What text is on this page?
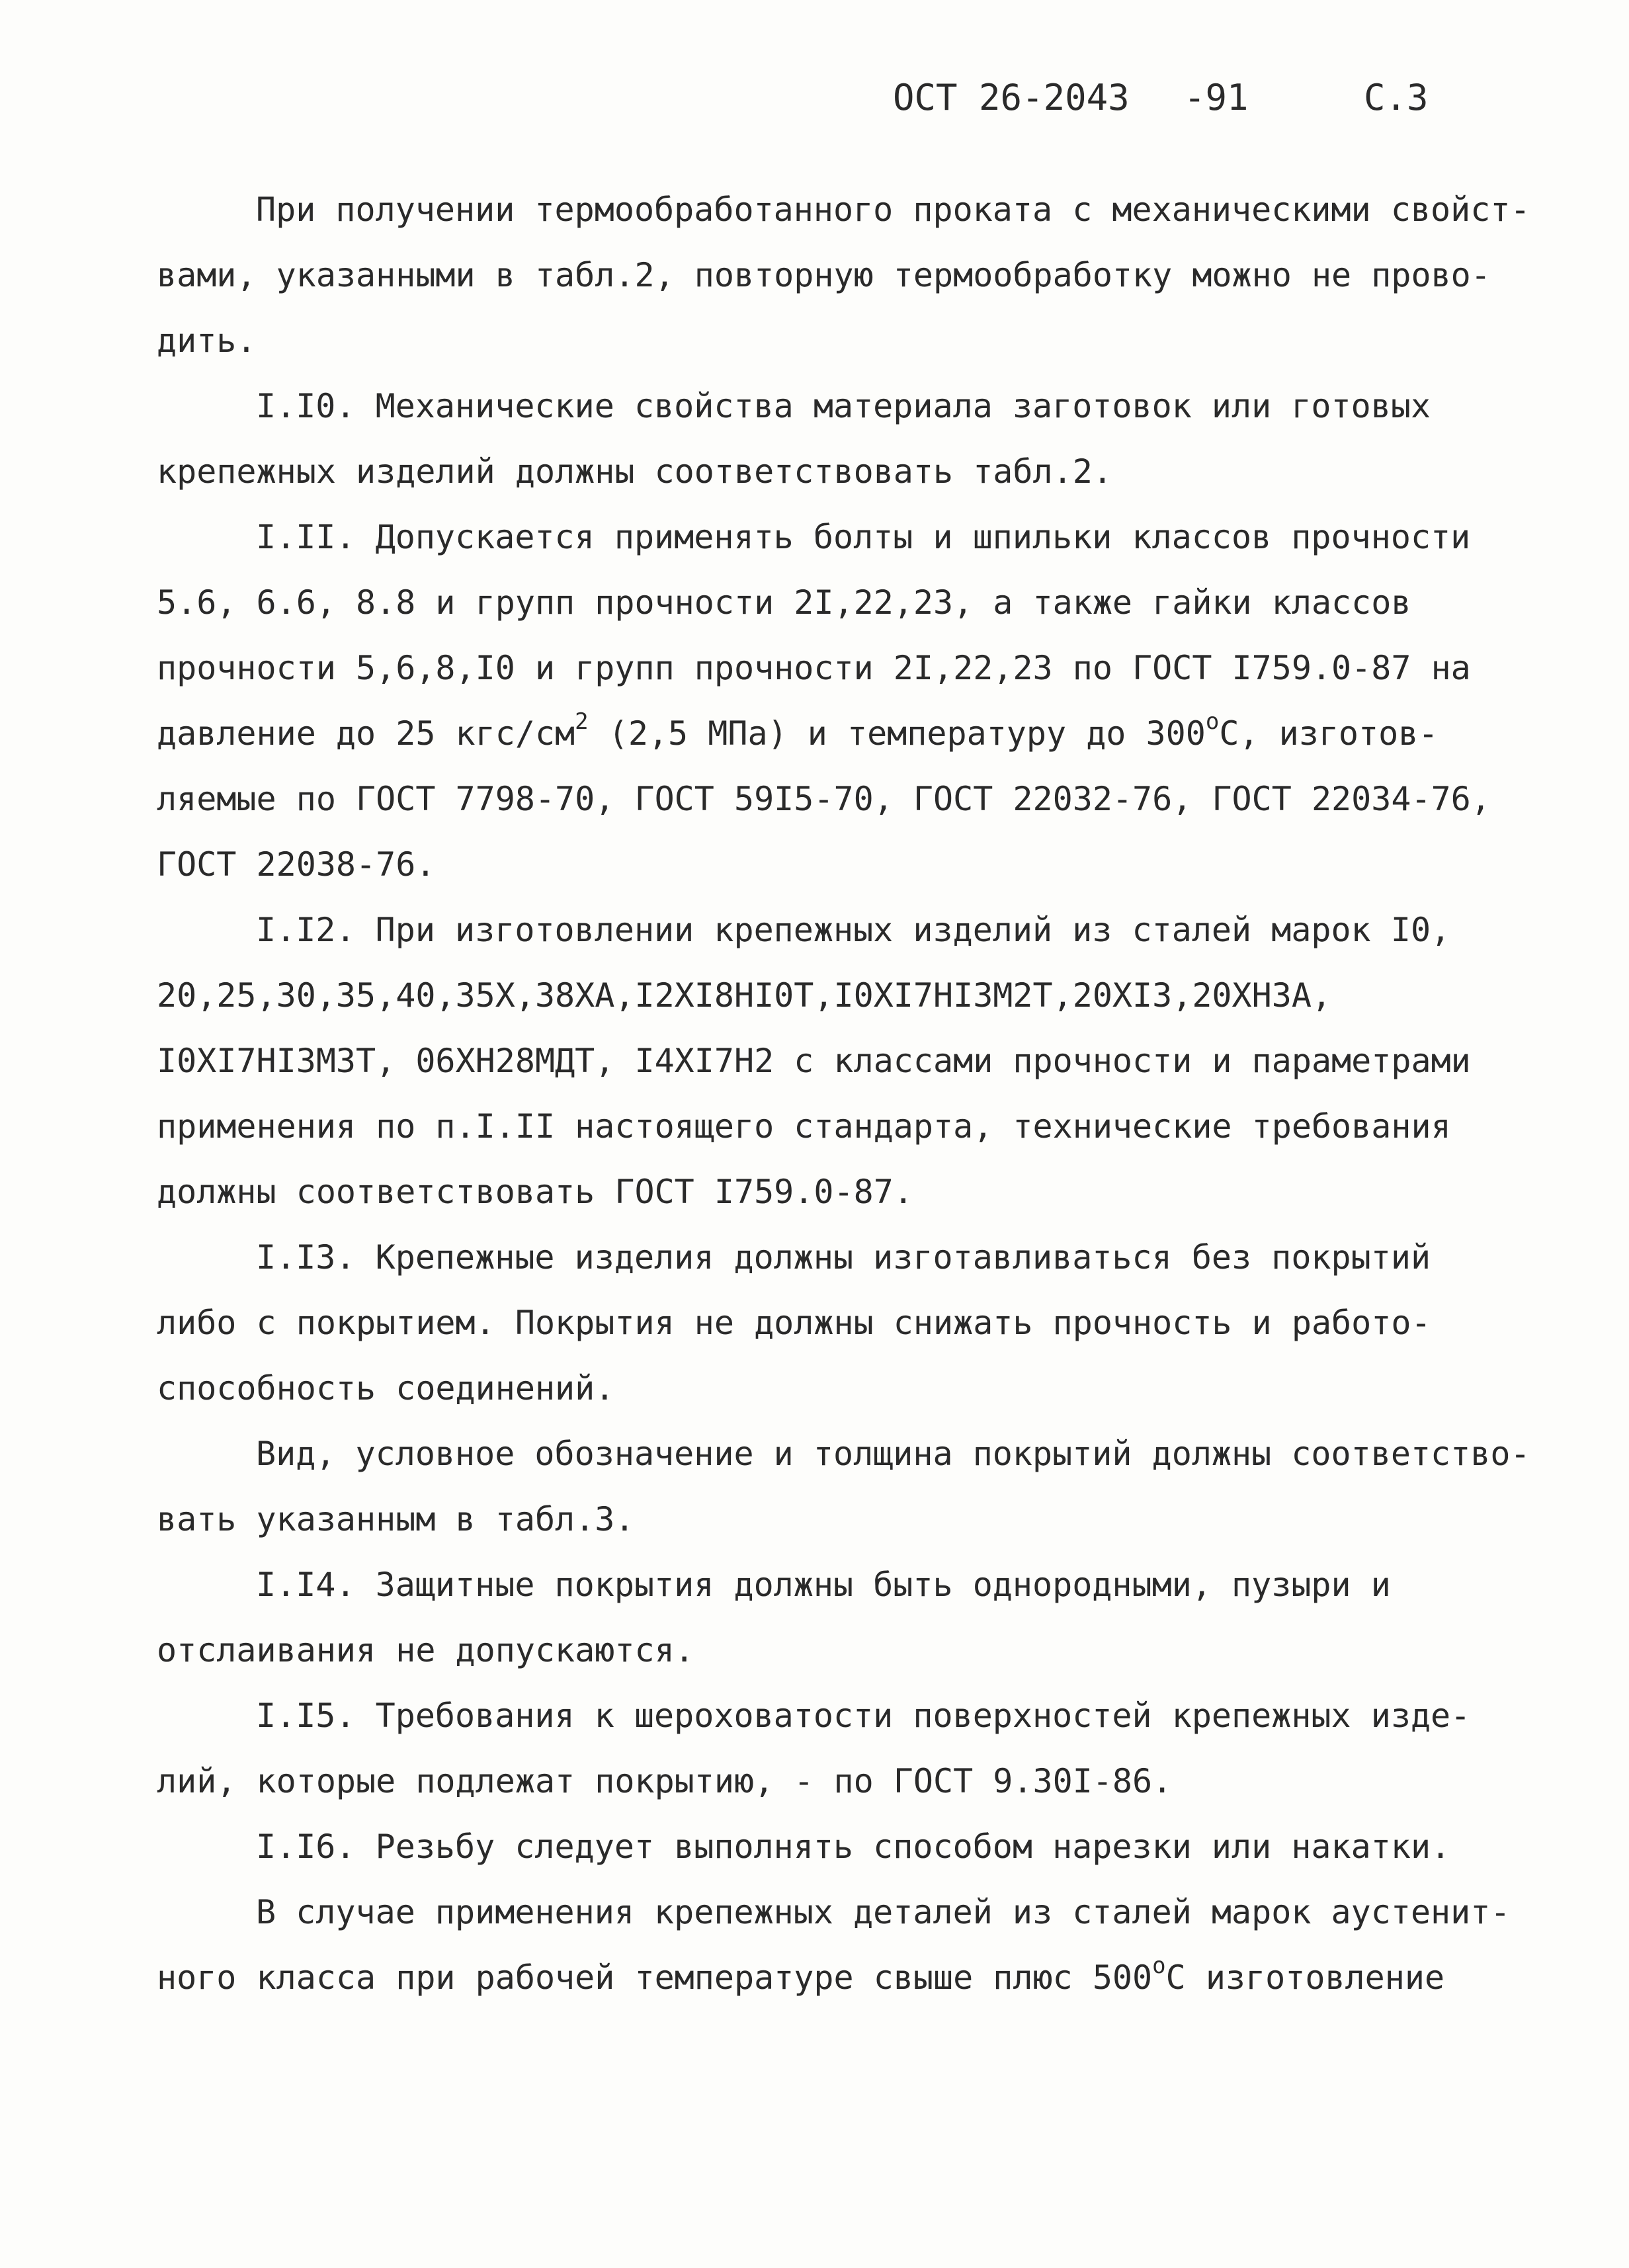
ОСТ 26-2043 -91	С.3
При получении термообработанного проката с механическими свойст-
вами, указанными в табл.2, повторную термообработку можно не прово-
дить.
I.I0. Механические свойства материала заготовок или готовых
крепежных изделий должны соответствовать табл.2.
I.II. Допускается применять болты и шпильки классов прочности
5.6, 6.6, 8.8 и групп прочности 2I,22,23, а также гайки классов
прочности 5,6,8,I0 и групп прочности 2I,22,23 по ГОСТ I759.0-87 на
давление до 25 кгс/$см^2$ (2,5 МПа) и температуру до $300^оС$, изготов-
ляемые по ГОСТ 7798-70, ГОСТ 59I5-70, ГОСТ 22032-76, ГОСТ 22034-76,
ГОСТ 22038-76.
I.I2. При изготовлении крепежных изделий из сталей марок I0,
20,25,30,35,40,35Х,38ХА,I2ХI8НI0Т,I0ХI7НI3М2Т,20ХI3,20ХН3А,
I0ХI7НI3М3Т, 06ХН28МДТ, I4ХI7Н2 с классами прочности и параметрами
применения по п.I.II настоящего стандарта, технические требования
должны соответствовать ГОСТ I759.0-87.
I.I3. Крепежные изделия должны изготавливаться без покрытий
либо с покрытием. Покрытия не должны снижать прочность и работо-
способность соединений.
Вид, условное обозначение и толщина покрытий должны соответство-
вать указанным в табл.3.
I.I4. Защитные покрытия должны быть однородными, пузыри и
отслаивания не допускаются.
I.I5. Требования к шероховатости поверхностей крепежных изде-
лий, которые подлежат покрытию, - по ГОСТ 9.30I-86.
I.I6. Резьбу следует выполнять способом нарезки или накатки.
В случае применения крепежных деталей из сталей марок аустенит-
ного класса при рабочей температуре свыше плюс $500^оС$ изготовление
